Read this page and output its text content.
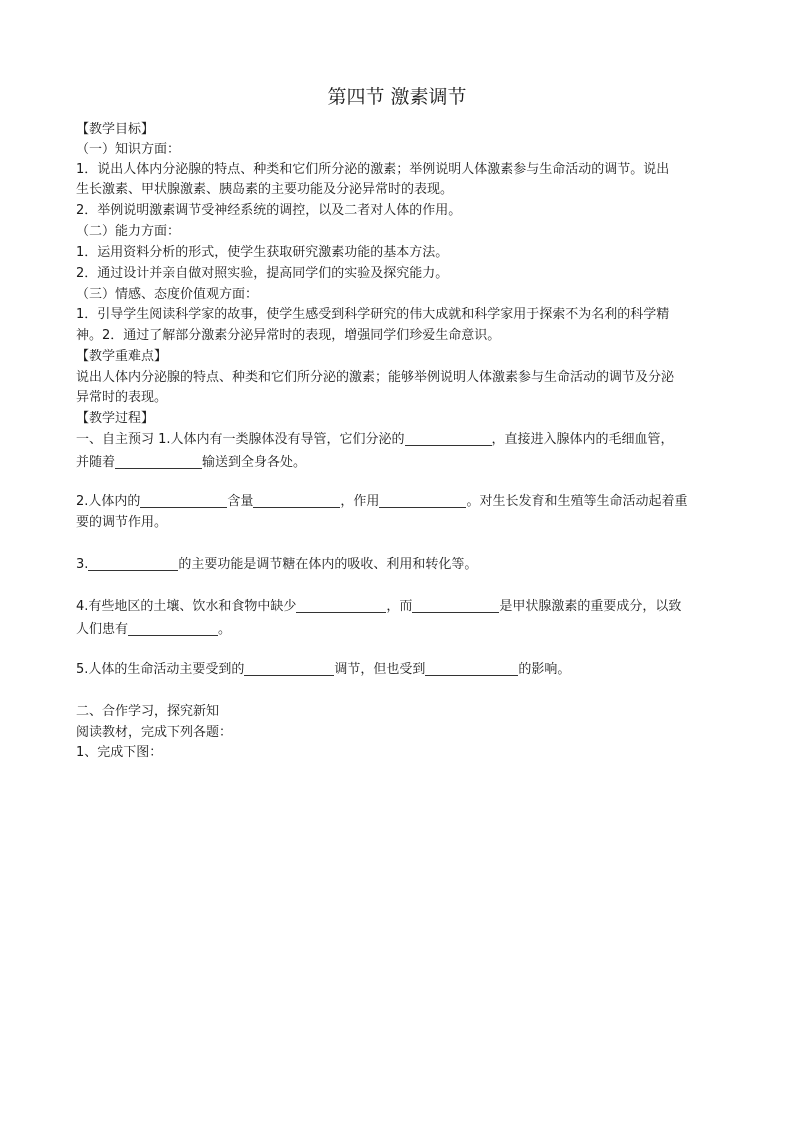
第四节 激素调节
【教学目标】
（一）知识方面：
1．说出人体内分泌腺的特点、种类和它们所分泌的激素；举例说明人体激素参与生命活动的调节。说出
生长激素、甲状腺激素、胰岛素的主要功能及分泌异常时的表现。
2．举例说明激素调节受神经系统的调控，以及二者对人体的作用。
（二）能力方面：
1．运用资料分析的形式，使学生获取研究激素功能的基本方法。
2．通过设计并亲自做对照实验，提高同学们的实验及探究能力。
（三）情感、态度价值观方面：
1．引导学生阅读科学家的故事，使学生感受到科学研究的伟大成就和科学家用于探索不为名利的科学精
神。2．通过了解部分激素分泌异常时的表现，增强同学们珍爱生命意识。
【教学重难点】
说出人体内分泌腺的特点、种类和它们所分泌的激素；能够举例说明人体激素参与生命活动的调节及分泌
异常时的表现。
【教学过程】
一、自主预习 1.人体内有一类腺体没有导管，它们分泌的	，直接进入腺体内的毛细血管，
并随着	输送到全身各处。
2.人体内的	含量	，作用	。对生长发育和生殖等生命活动起着重
要的调节作用。
3.	的主要功能是调节糖在体内的吸收、利用和转化等。
4.有些地区的土壤、饮水和食物中缺少	，而	是甲状腺激素的重要成分，以致
人们患有	。
5.人体的生命活动主要受到的	调节，但也受到	的影响。
二、合作学习，探究新知
阅读教材，完成下列各题：
1、完成下图：
